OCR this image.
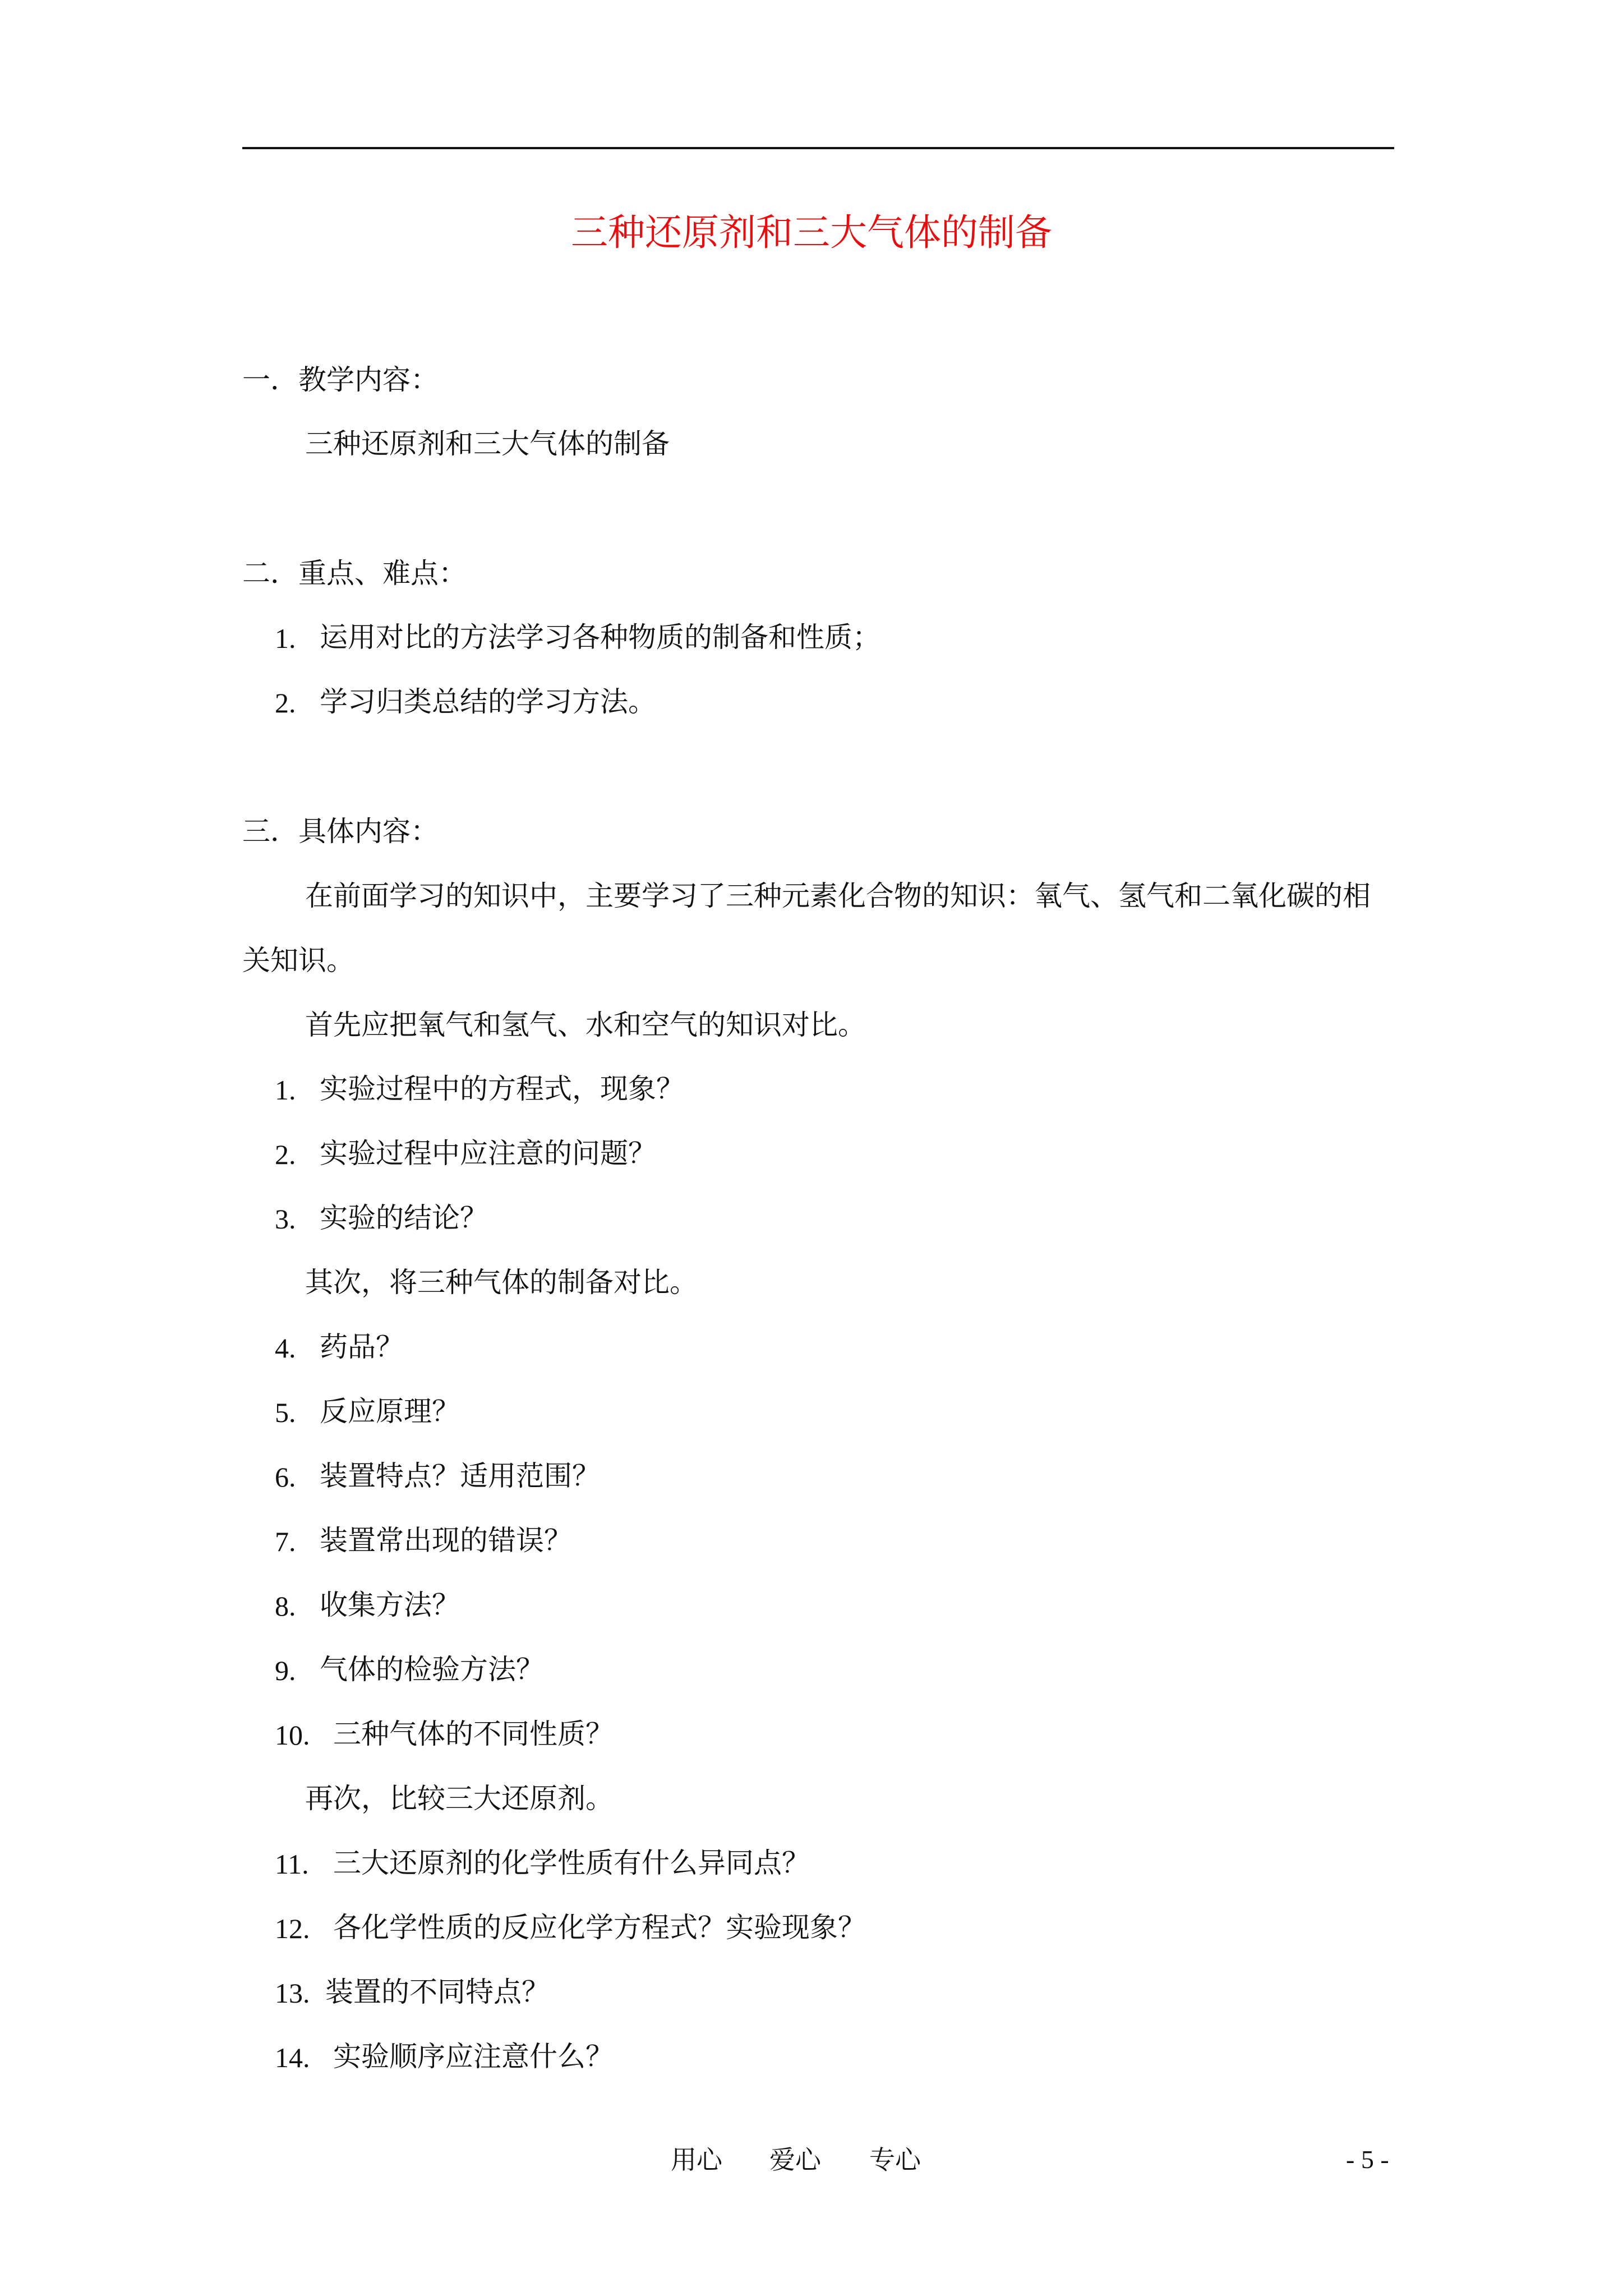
三种还原剂和三大气体的制备
一．教学内容：
三种还原剂和三大气体的制备
二．重点、难点：
1. 运用对比的方法学习各种物质的制备和性质；
2. 学习归类总结的学习方法。
三．具体内容：
在前面学习的知识中，主要学习了三种元素化合物的知识：氧气、氢气和二氧化碳的相
关知识。
首先应把氧气和氢气、水和空气的知识对比。
1. 实验过程中的方程式，现象？
2. 实验过程中应注意的问题？
3. 实验的结论？
其次，将三种气体的制备对比。
4. 药品？
5. 反应原理？
6. 装置特点？适用范围？
7. 装置常出现的错误？
8. 收集方法？
9. 气体的检验方法？
10. 三种气体的不同性质？
再次，比较三大还原剂。
11. 三大还原剂的化学性质有什么异同点？
12. 各化学性质的反应化学方程式？实验现象？
13. 装置的不同特点？
14. 实验顺序应注意什么？
用心 爱心 专心	- 5 -
